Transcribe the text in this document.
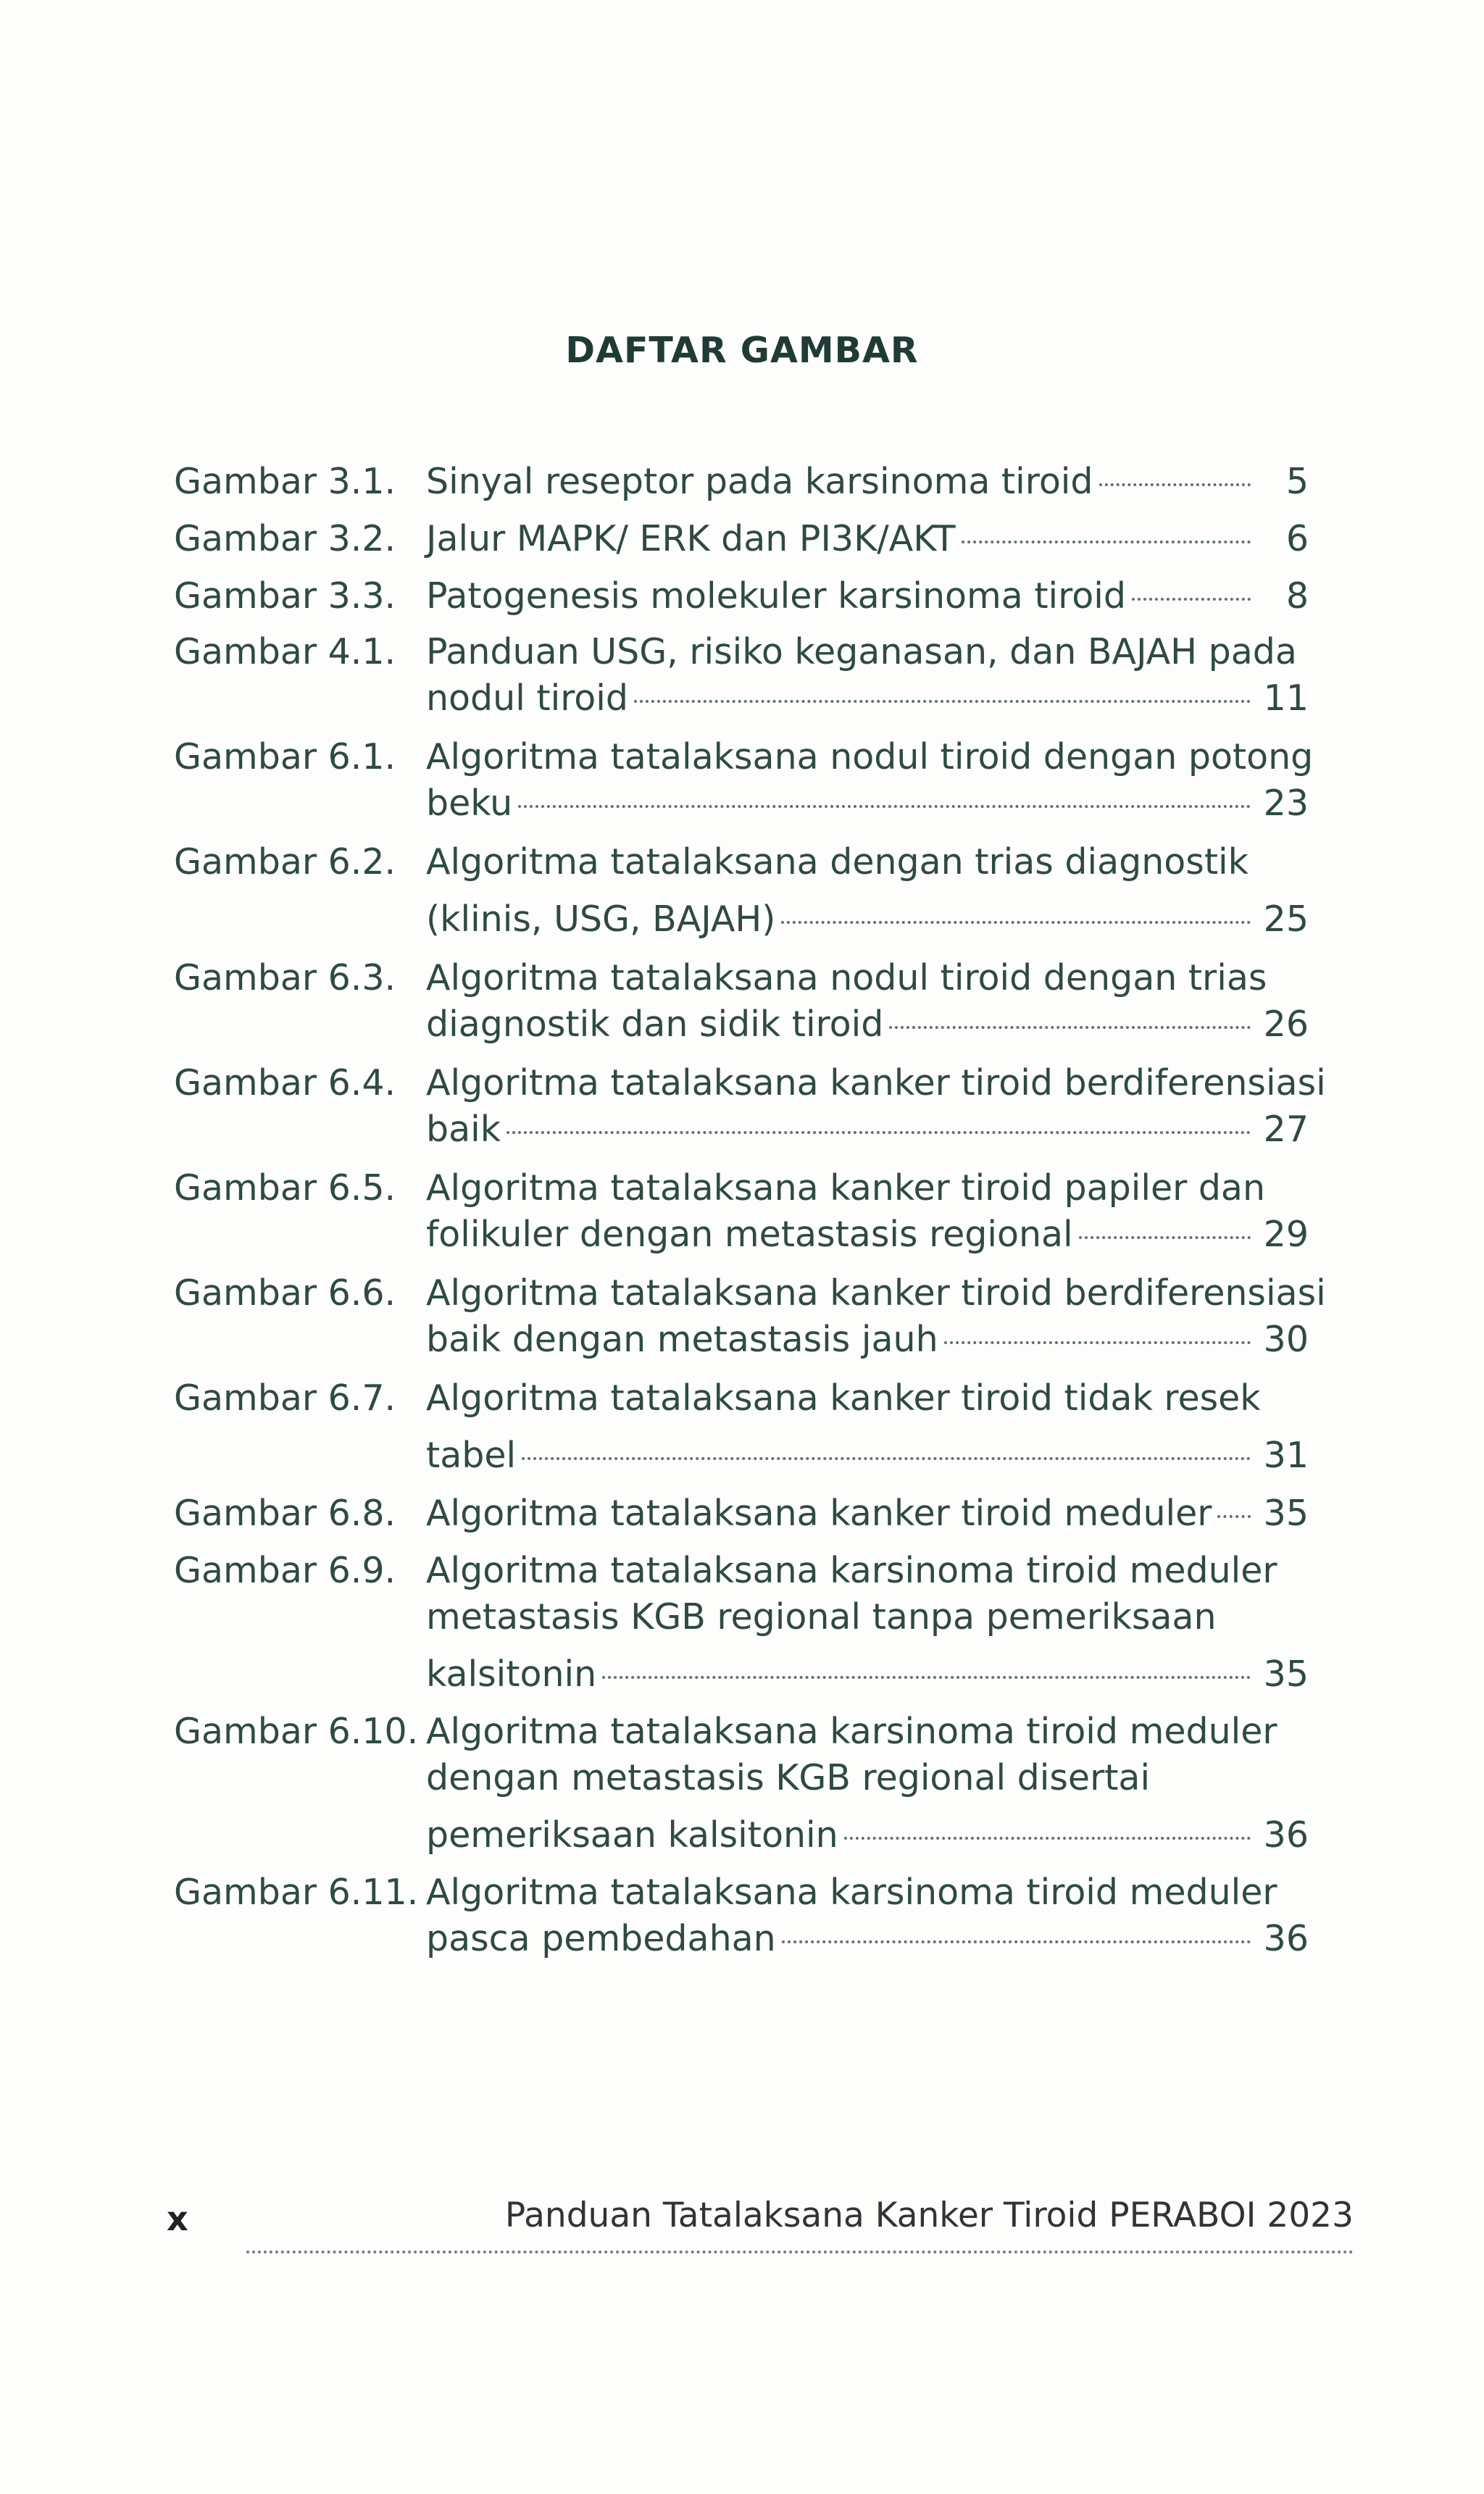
DAFTAR GAMBAR
Gambar 3.1. Sinyal reseptor pada karsinoma tiroid	5
Gambar 3.2. Jalur MAPK/ ERK dan PI3K/AKT	6
Gambar 3.3. Patogenesis molekuler karsinoma tiroid	8
Gambar 4.1. Panduan USG, risiko keganasan, dan BAJAH pada
nodul tiroid	11
Gambar 6.1. Algoritma tatalaksana nodul tiroid dengan potong
beku	23
Gambar 6.2. Algoritma tatalaksana dengan trias diagnostik
(klinis, USG, BAJAH)	25
Gambar 6.3. Algoritma tatalaksana nodul tiroid dengan trias
diagnostik dan sidik tiroid	26
Gambar 6.4. Algoritma tatalaksana kanker tiroid berdiferensiasi
baik	27
Gambar 6.5. Algoritma tatalaksana kanker tiroid papiler dan
folikuler dengan metastasis regional	29
Gambar 6.6. Algoritma tatalaksana kanker tiroid berdiferensiasi
baik dengan metastasis jauh	30
Gambar 6.7. Algoritma tatalaksana kanker tiroid tidak resek
tabel	31
Gambar 6.8. Algoritma tatalaksana kanker tiroid meduler 35
Gambar 6.9. Algoritma tatalaksana karsinoma tiroid meduler
metastasis KGB regional tanpa pemeriksaan
kalsitonin	35
Gambar 6.10. Algoritma tatalaksana karsinoma tiroid meduler
dengan metastasis KGB regional disertai
pemeriksaan kalsitonin	36
Gambar 6.11. Algoritma tatalaksana karsinoma tiroid meduler
pasca pembedahan	36
x	Panduan Tatalaksana Kanker Tiroid PERABOI 2023
